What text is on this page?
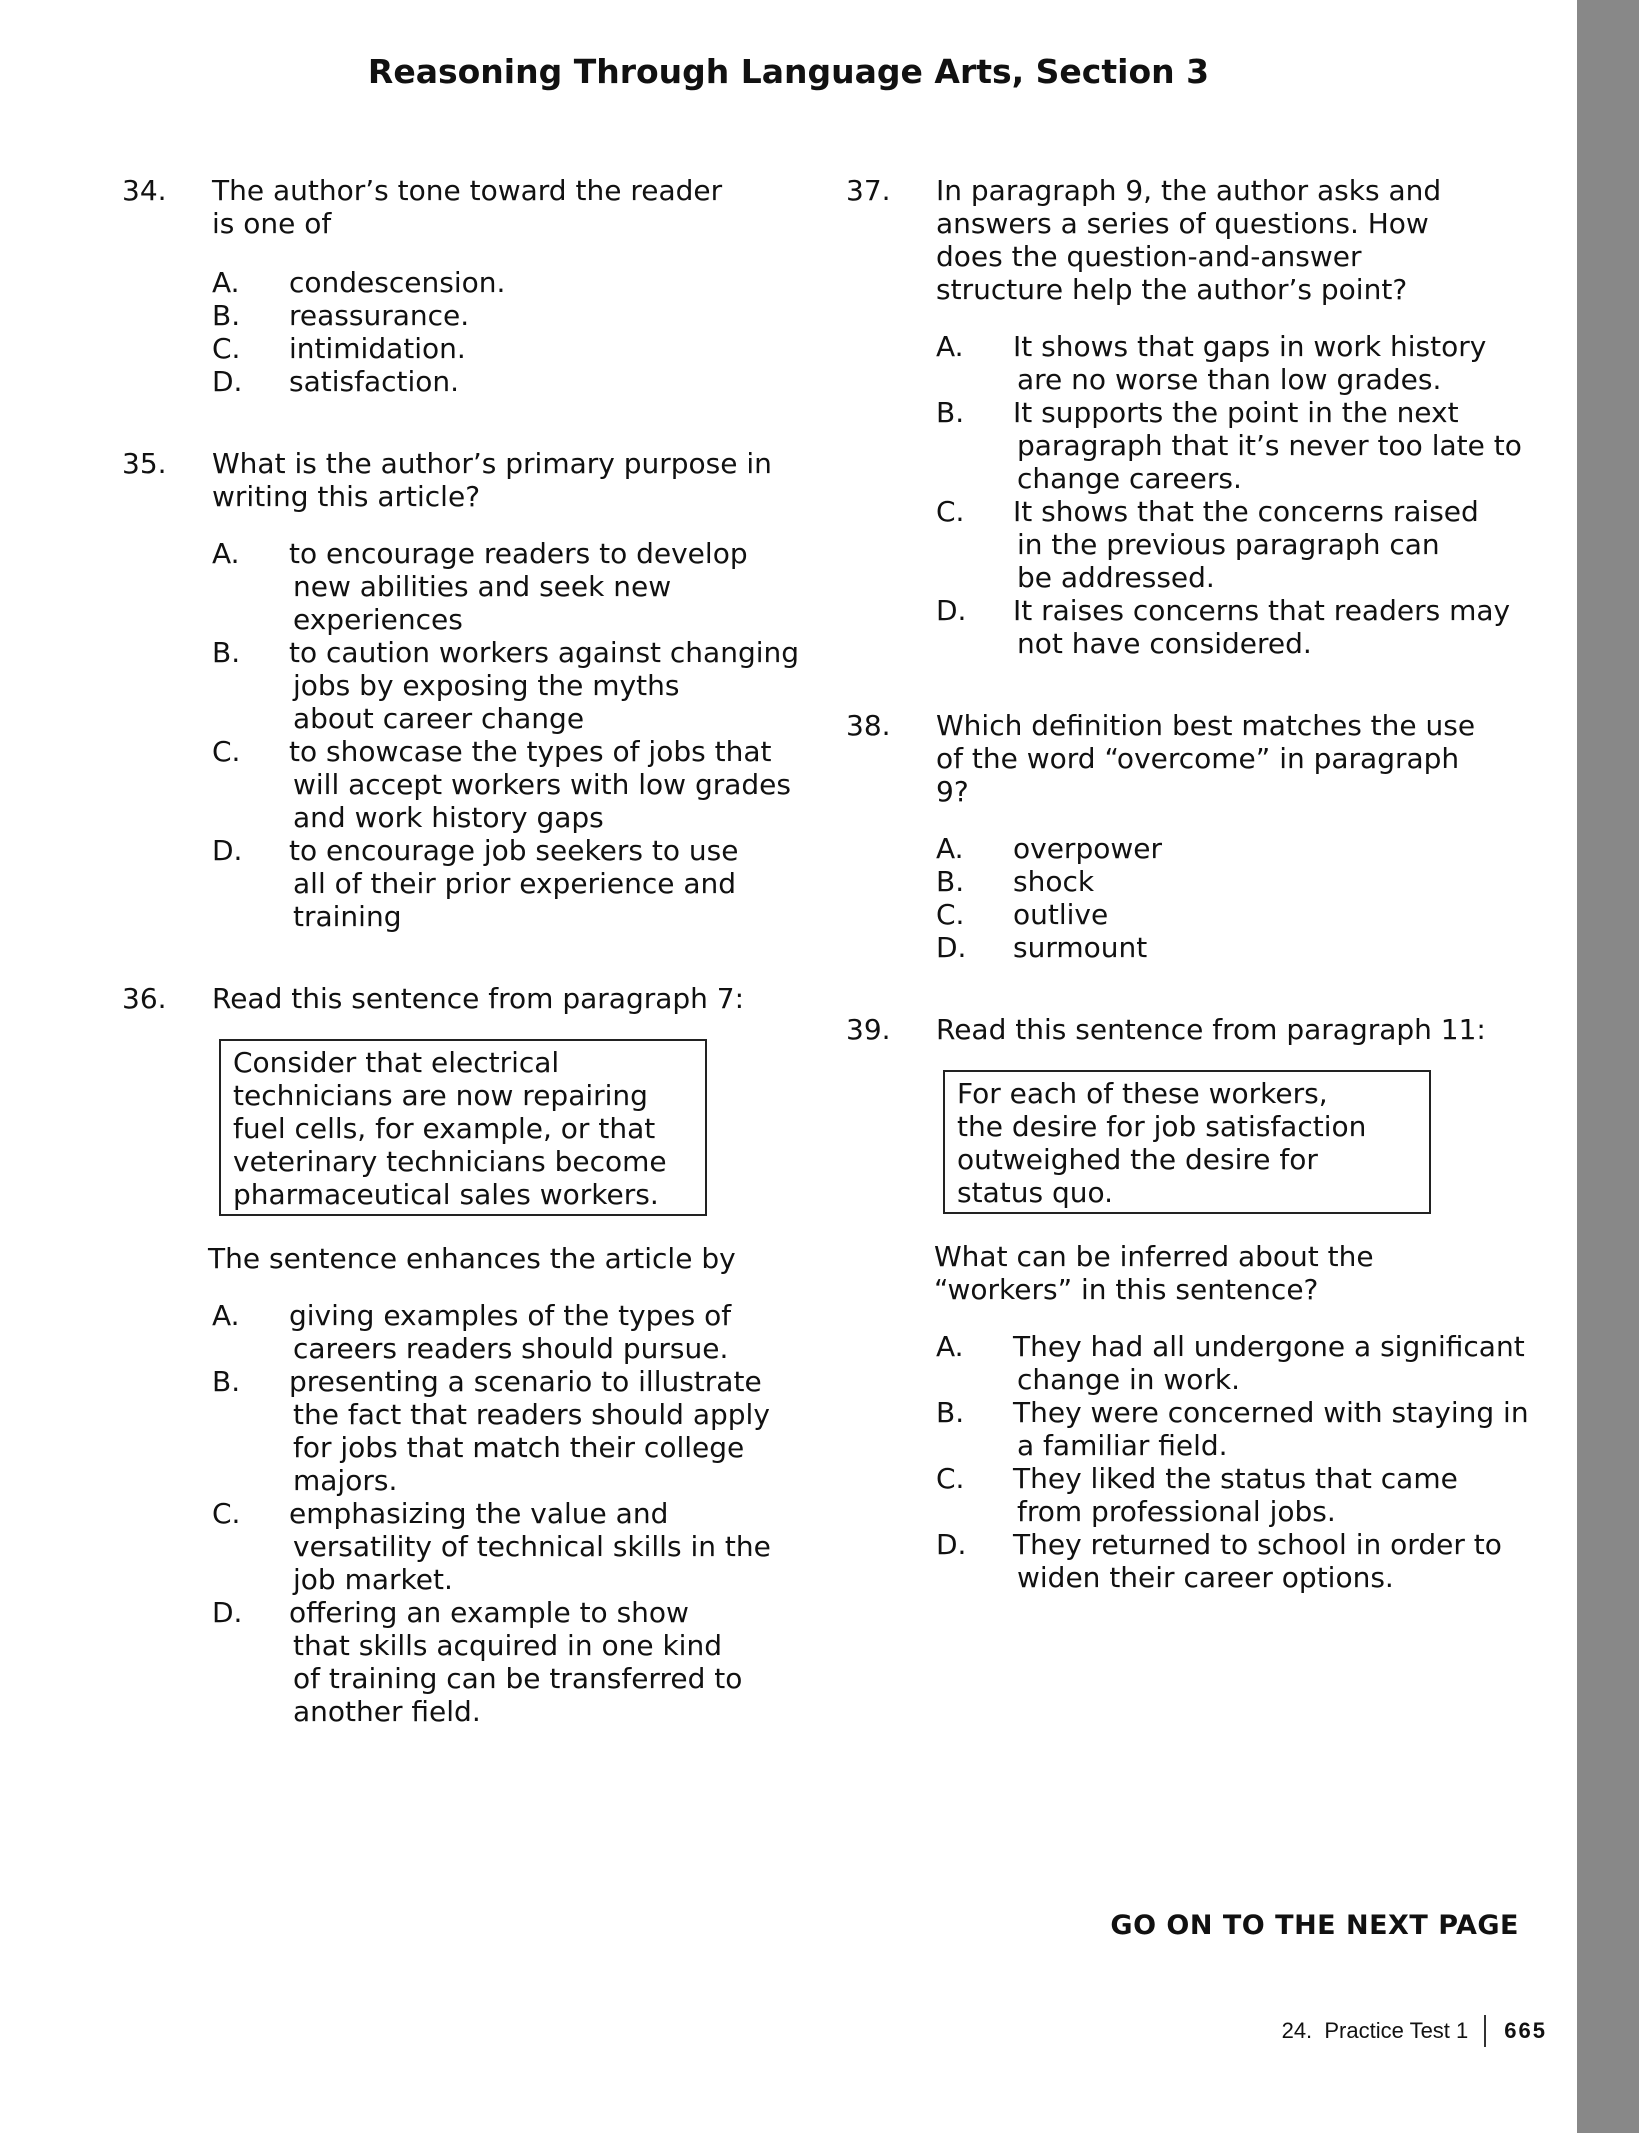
Reasoning Through Language Arts, Section 3
34.	The author’s tone toward the reader is one of
A.	condescension.
B.	reassurance.
C.	intimidation.
D.	satisfaction.
35.	What is the author’s primary purpose in writing this article?
A.	to encourage readers to develop
new abilities and seek new experiences
B.	to caution workers against changing
jobs by exposing the myths about career change
C.	to showcase the types of jobs that
will accept workers with low grades and work history gaps
D.	to encourage job seekers to use
all of their prior experience and training
36.	Read this sentence from paragraph 7:
Consider that electrical technicians are now repairing fuel cells, for example, or that veterinary technicians become pharmaceutical sales workers.
The sentence enhances the article by
A.	giving examples of the types of
careers readers should pursue.
B.	presenting a scenario to illustrate
the fact that readers should apply for jobs that match their college majors.
C.	emphasizing the value and
versatility of technical skills in the job market.
D.	offering an example to show
that skills acquired in one kind of training can be transferred to another field.
37.	In paragraph 9, the author asks and answers a series of questions. How does the question-and-answer structure help the author’s point?
A.	It shows that gaps in work history
are no worse than low grades.
B.	It supports the point in the next
paragraph that it’s never too late to change careers.
C.	It shows that the concerns raised
in the previous paragraph can be addressed.
D.	It raises concerns that readers may
not have considered.
38.	Which definition best matches the use of the word “overcome” in paragraph 9?
A.	overpower
B.	shock
C.	outlive
D.	surmount
39.	Read this sentence from paragraph 11:
For each of these workers, the desire for job satisfaction outweighed the desire for status quo.
What can be inferred about the “workers” in this sentence?
A.	They had all undergone a significant
change in work.
B.	They were concerned with staying in
a familiar field.
C.	They liked the status that came
from professional jobs.
D.	They returned to school in order to
widen their career options.
GO ON TO THE NEXT PAGE
24.  Practice Test 1 665
